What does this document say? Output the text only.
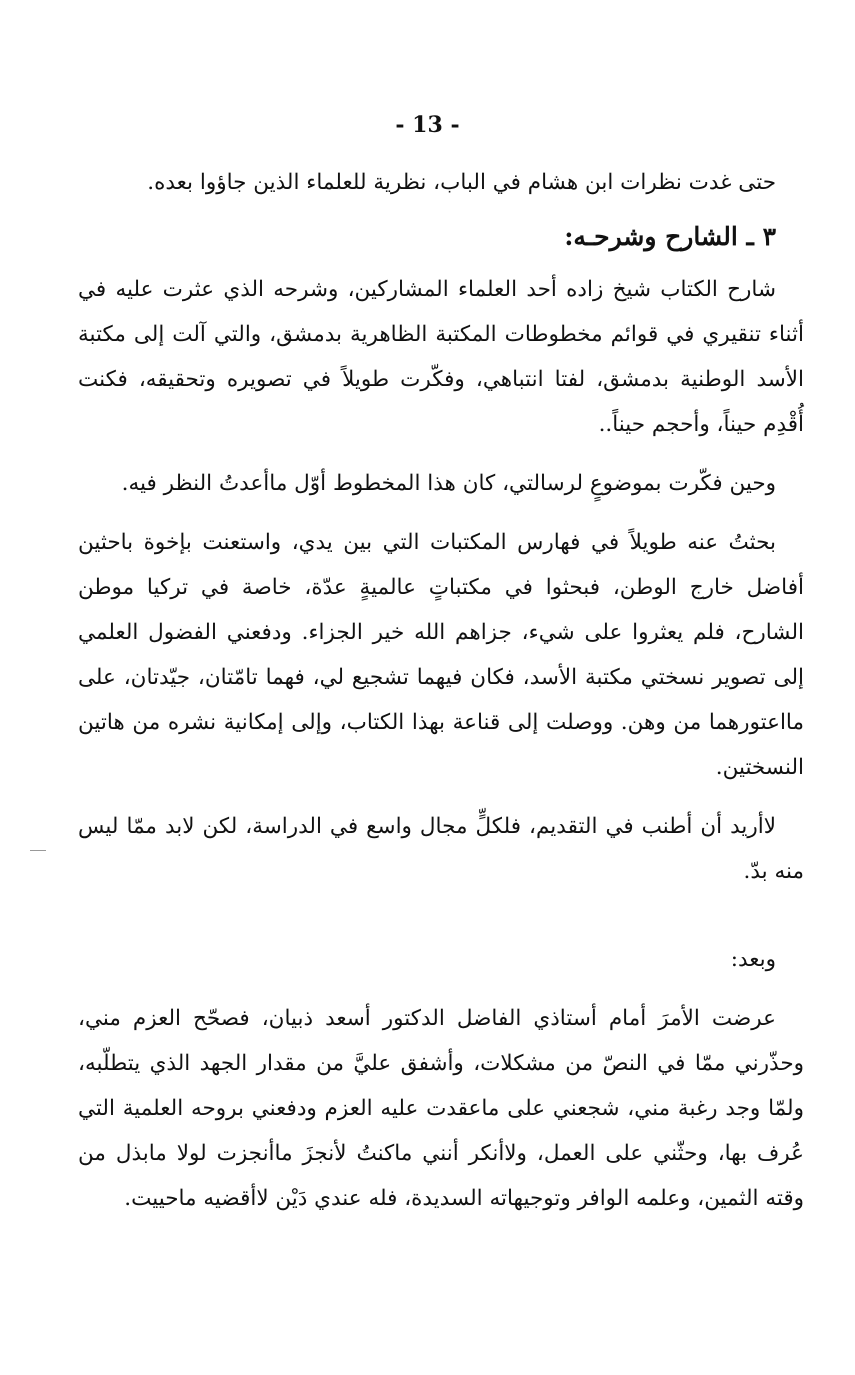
- 13 -

حتى غدت نظرات ابن هشام في الباب، نظرية للعلماء الذين جاؤوا بعده.

٣ ـ الشارح وشرحـه:

شارح الكتاب شيخ زاده أحد العلماء المشاركين، وشرحه الذي عثرت عليه في أثناء تنقيري في قوائم مخطوطات المكتبة الظاهرية بدمشق، والتي آلت إلى مكتبة الأسد الوطنية بدمشق، لفتا انتباهي، وفكّرت طويلاً في تصويره وتحقيقه، فكنت أُقْدِم حيناً، وأحجم حيناً..

وحين فكّرت بموضوعٍ لرسالتي، كان هذا المخطوط أوّل ماأعدتُ النظر فيه.

بحثتُ عنه طويلاً في فهارس المكتبات التي بين يدي، واستعنت بإخوة باحثين أفاضل خارج الوطن، فبحثوا في مكتباتٍ عالميةٍ عدّة، خاصة في تركيا موطن الشارح، فلم يعثروا على شيء، جزاهم الله خير الجزاء. ودفعني الفضول العلمي إلى تصوير نسختي مكتبة الأسد، فكان فيهما تشجيع لي، فهما تامّتان، جيّدتان، على مااعتورهما من وهن. ووصلت إلى قناعة بهذا الكتاب، وإلى إمكانية نشره من هاتين النسختين.

لاأريد أن أطنب في التقديم، فلكلٍّ مجال واسع في الدراسة، لكن لابد ممّا ليس منه بدّ.

وبعد:

عرضت الأمرَ أمام أستاذي الفاضل الدكتور أسعد ذبيان، فصحّح العزم مني، وحذّرني ممّا في النصّ من مشكلات، وأشفق عليَّ من مقدار الجهد الذي يتطلّبه، ولمّا وجد رغبة مني، شجعني على ماعقدت عليه العزم ودفعني بروحه العلمية التي عُرف بها، وحثّني على العمل، ولاأنكر أنني ماكنتُ لأنجزَ ماأنجزت لولا مابذل من وقته الثمين، وعلمه الوافر وتوجيهاته السديدة، فله عندي دَيْن لاأقضيه ماحييت.
